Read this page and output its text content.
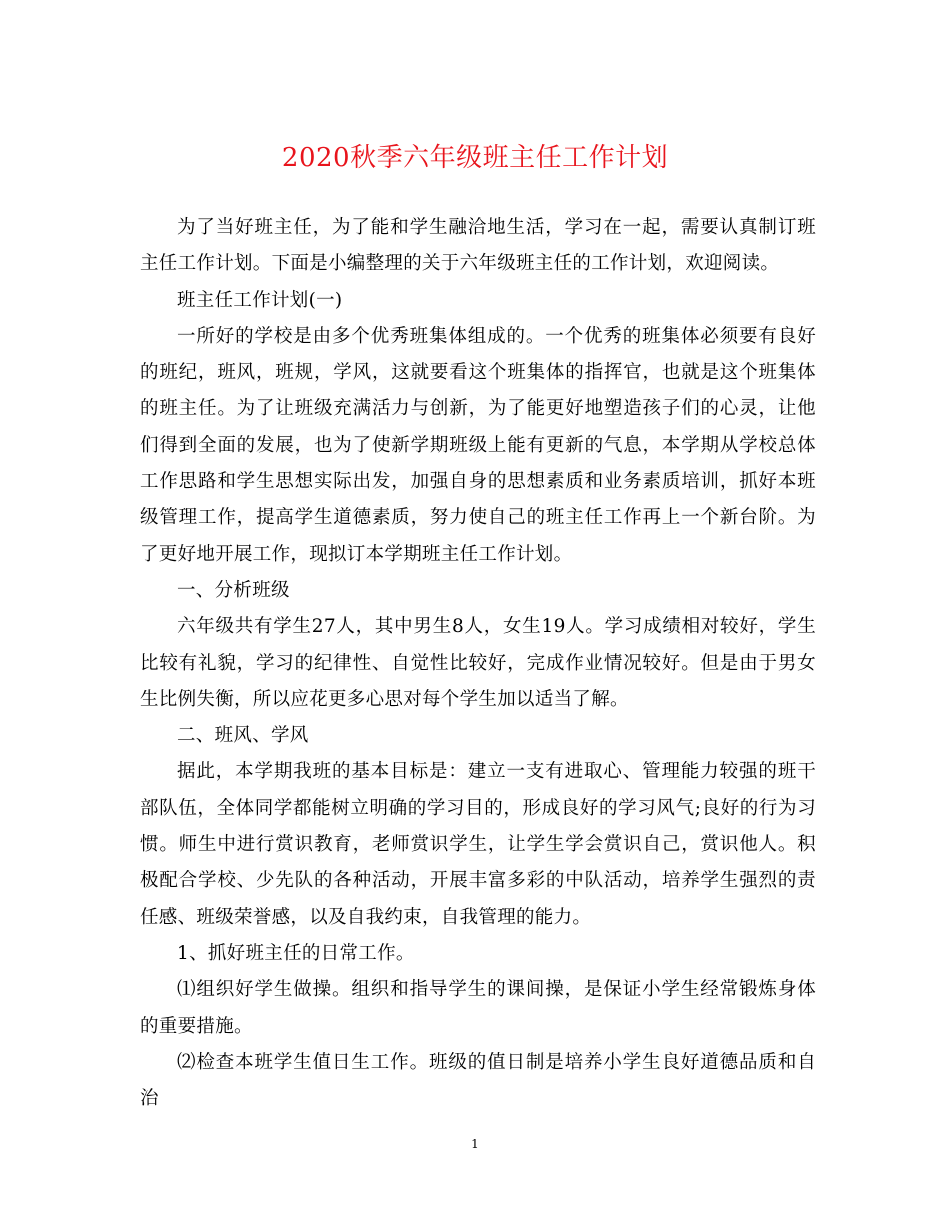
2020秋季六年级班主任工作计划

为了当好班主任，为了能和学生融洽地生活，学习在一起，需要认真制订班主任工作计划。下面是小编整理的关于六年级班主任的工作计划，欢迎阅读。

班主任工作计划(一)

一所好的学校是由多个优秀班集体组成的。一个优秀的班集体必须要有良好的班纪，班风，班规，学风，这就要看这个班集体的指挥官，也就是这个班集体的班主任。为了让班级充满活力与创新，为了能更好地塑造孩子们的心灵，让他们得到全面的发展，也为了使新学期班级上能有更新的气息，本学期从学校总体工作思路和学生思想实际出发，加强自身的思想素质和业务素质培训，抓好本班级管理工作，提高学生道德素质，努力使自己的班主任工作再上一个新台阶。为了更好地开展工作，现拟订本学期班主任工作计划。

一、分析班级

六年级共有学生27人，其中男生8人，女生19人。学习成绩相对较好，学生比较有礼貌，学习的纪律性、自觉性比较好，完成作业情况较好。但是由于男女生比例失衡，所以应花更多心思对每个学生加以适当了解。

二、班风、学风

据此，本学期我班的基本目标是：建立一支有进取心、管理能力较强的班干部队伍，全体同学都能树立明确的学习目的，形成良好的学习风气;良好的行为习惯。师生中进行赏识教育，老师赏识学生，让学生学会赏识自己，赏识他人。积极配合学校、少先队的各种活动，开展丰富多彩的中队活动，培养学生强烈的责任感、班级荣誉感，以及自我约束，自我管理的能力。

1、抓好班主任的日常工作。

⑴组织好学生做操。组织和指导学生的课间操，是保证小学生经常锻炼身体的重要措施。

⑵检查本班学生值日生工作。班级的值日制是培养小学生良好道德品质和自治

1
